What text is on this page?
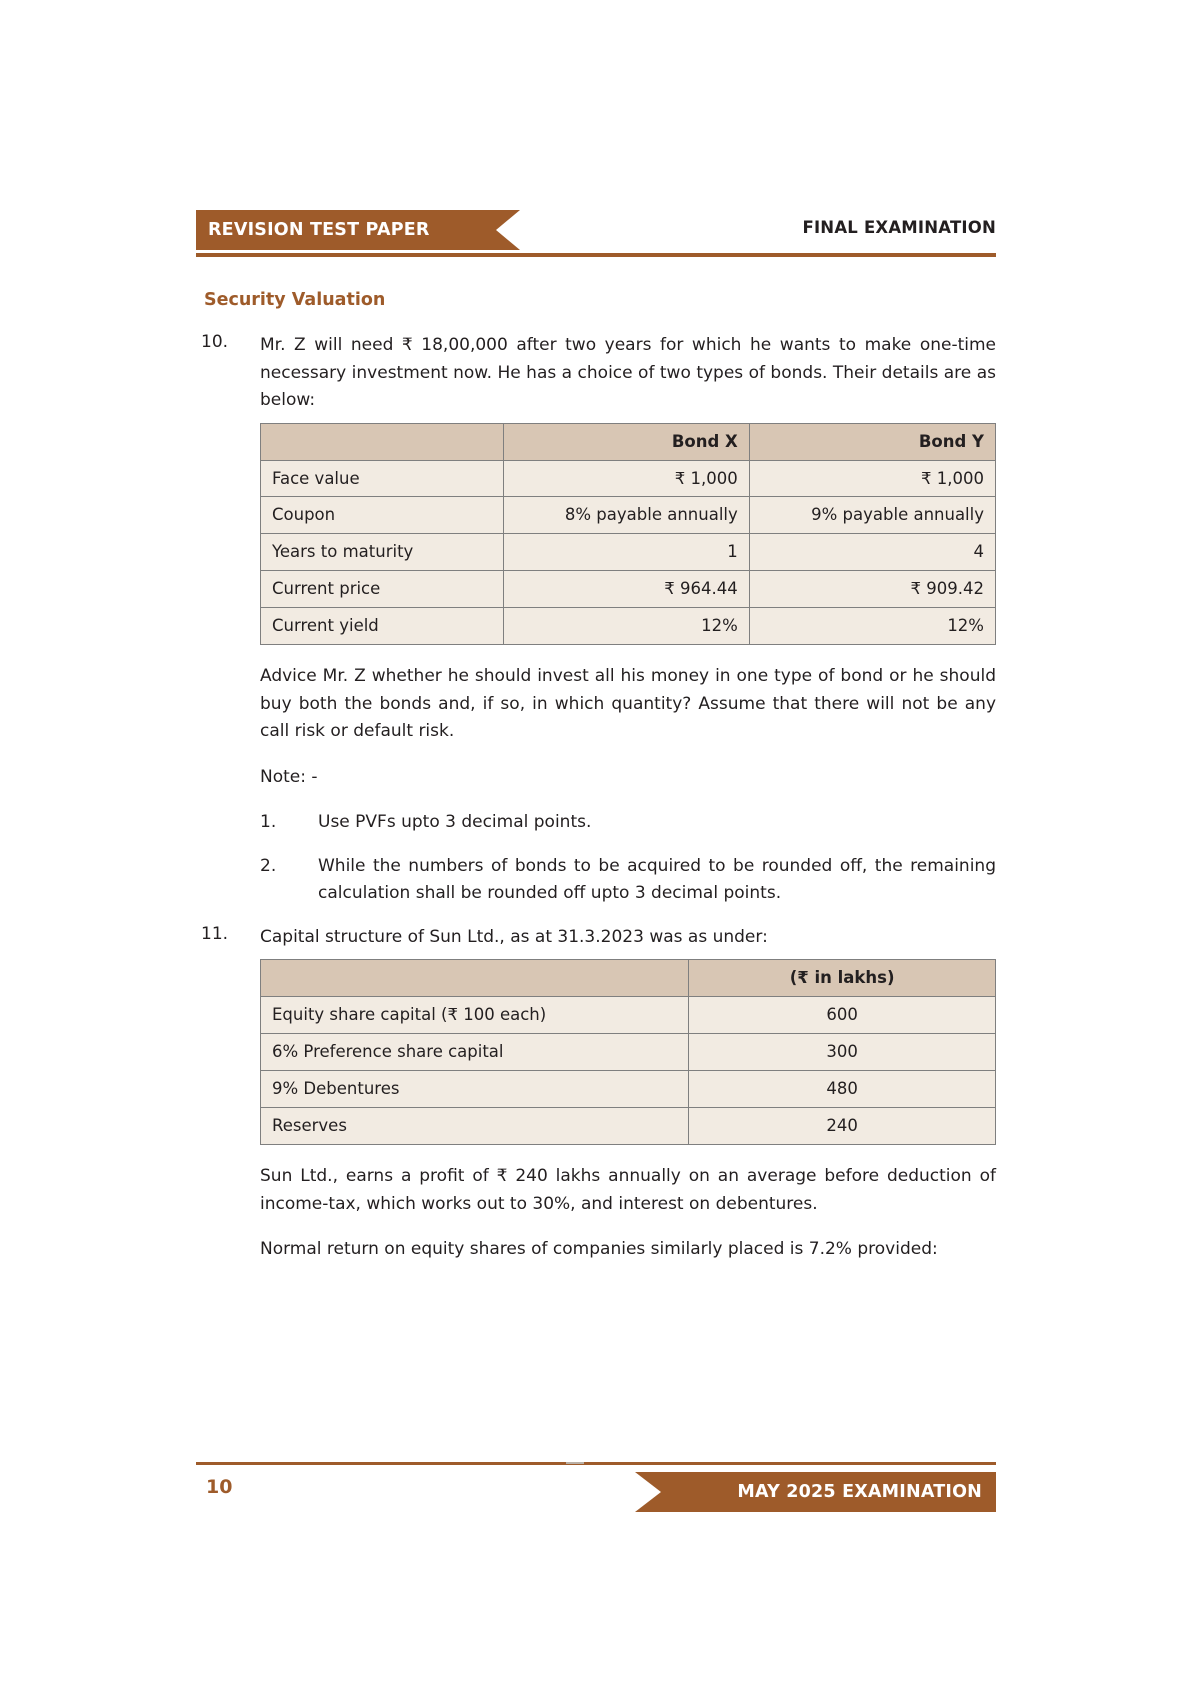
REVISION TEST PAPER	FINAL EXAMINATION
Security Valuation
10.	Mr. Z will need ₹ 18,00,000 after two years for which he wants to make one-time necessary investment now. He has a choice of two types of bonds. Their details are as below:
	Bond X	Bond Y
Face value	₹ 1,000	₹ 1,000
Coupon	8% payable annually	9% payable annually
Years to maturity	1	4
Current price	₹ 964.44	₹ 909.42
Current yield	12%	12%
Advice Mr. Z whether he should invest all his money in one type of bond or he should buy both the bonds and, if so, in which quantity? Assume that there will not be any call risk or default risk.
Note: -
1.	Use PVFs upto 3 decimal points.
2.	While the numbers of bonds to be acquired to be rounded off, the remaining calculation shall be rounded off upto 3 decimal points.
11.	Capital structure of Sun Ltd., as at 31.3.2023 was as under:
	(₹ in lakhs)
Equity share capital (₹ 100 each)	600
6% Preference share capital	300
9% Debentures	480
Reserves	240
Sun Ltd., earns a profit of ₹ 240 lakhs annually on an average before deduction of income-tax, which works out to 30%, and interest on debentures.
Normal return on equity shares of companies similarly placed is 7.2% provided:
10	MAY 2025 EXAMINATION
